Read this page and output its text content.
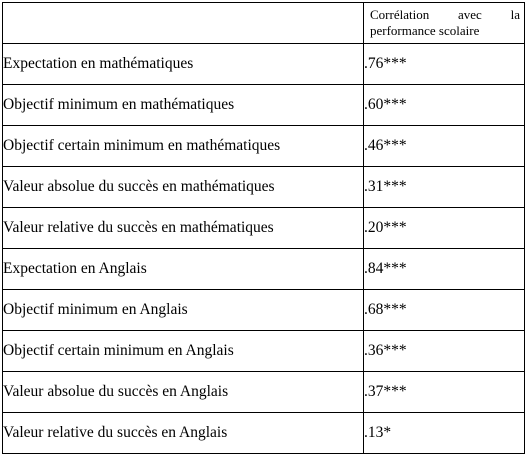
	Corrélation avec la performance scolaire
Expectation en mathématiques	.76***
Objectif minimum en mathématiques	.60***
Objectif certain minimum en mathématiques	.46***
Valeur absolue du succès en mathématiques	.31***
Valeur relative du succès en mathématiques	.20***
Expectation en Anglais	.84***
Objectif minimum en Anglais	.68***
Objectif certain minimum en Anglais	.36***
Valeur absolue du succès en Anglais	.37***
Valeur relative du succès en Anglais	.13*
